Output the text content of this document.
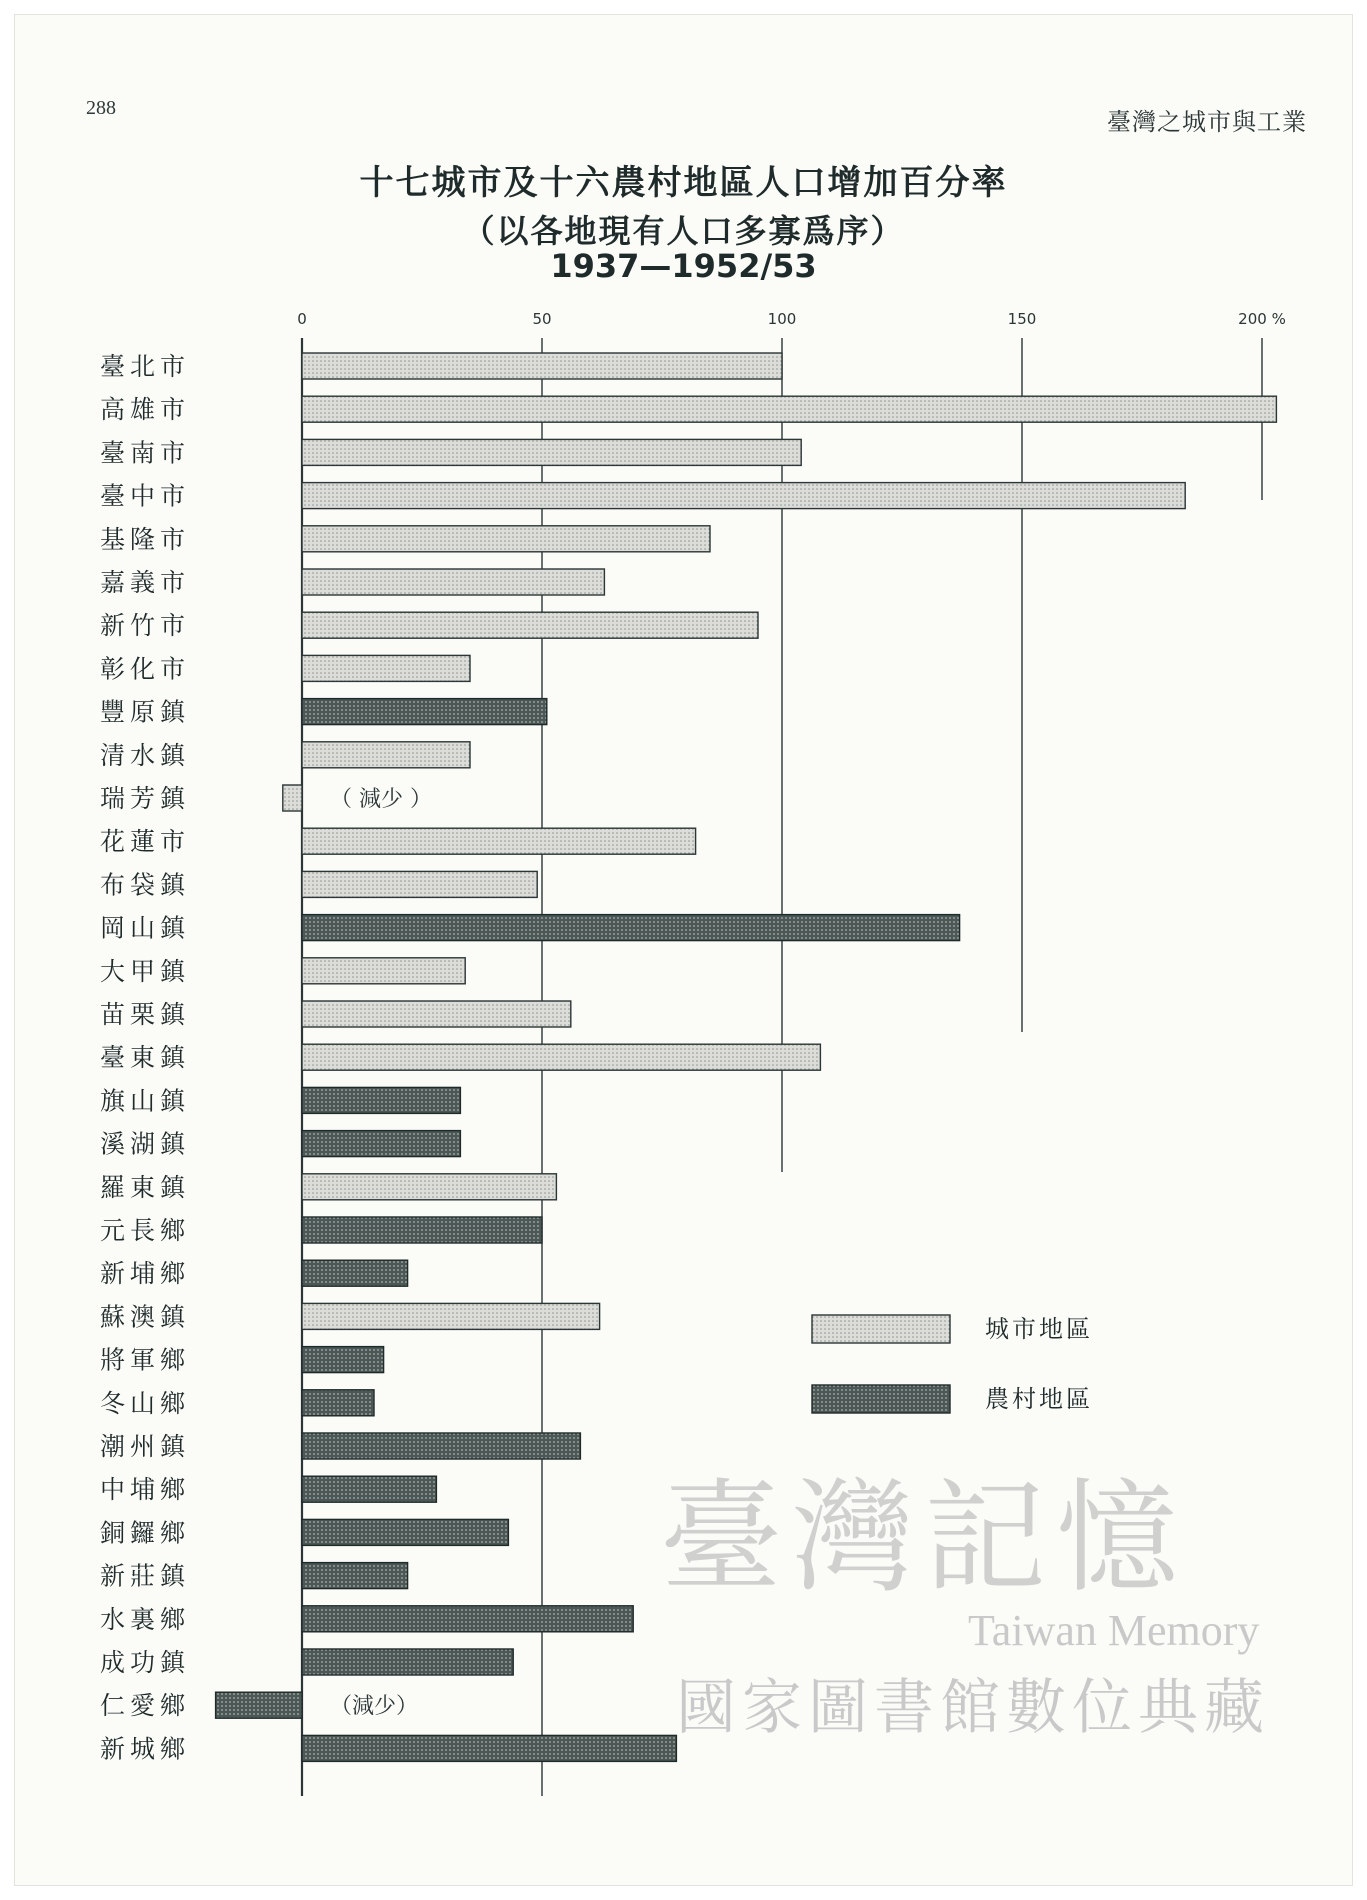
288	臺灣之城市與工業
十七城市及十六農村地區人口增加百分率
（以各地現有人口多寡爲序）
1937—1952/53
0	50	100	150	200 %
臺北市
高雄市
臺南市
臺中市
基隆市
嘉義市
新竹市
彰化市
豐原鎮
清水鎮
瑞芳鎮
花蓮市
布袋鎮
岡山鎮
大甲鎮
苗栗鎮
臺東鎮
旗山鎮
溪湖鎮
羅東鎮
元長鄉
新埔鄉
蘇澳鎮
將軍鄉
冬山鄉
潮州鎮
中埔鄉
銅鑼鄉
新莊鎮
水裏鄉
成功鎮
仁愛鄉
新城鄉
（ 減少 ）
（減少）
城市地區
農村地區
臺灣記憶
Taiwan Memory
國家圖書館數位典藏
